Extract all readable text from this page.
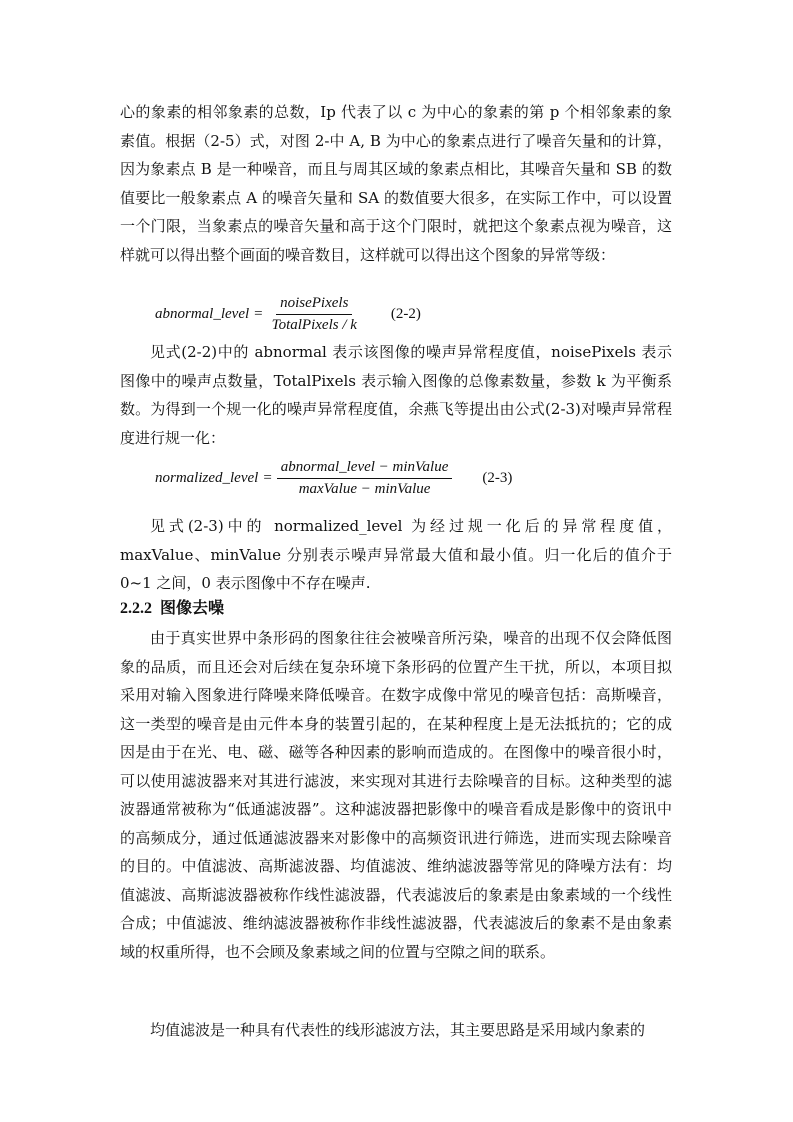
心的象素的相邻象素的总数，Ip 代表了以 c 为中心的象素的第 p 个相邻象素的象素值。根据（2-5）式，对图 2-中 A, B 为中心的象素点进行了噪音矢量和的计算，因为象素点 B 是一种噪音，而且与周其区域的象素点相比，其噪音矢量和 SB 的数值要比一般象素点 A 的噪音矢量和 SA 的数值要大很多，在实际工作中，可以设置一个门限，当象素点的噪音矢量和高于这个门限时，就把这个象素点视为噪音，这样就可以得出整个画面的噪音数目，这样就可以得出这个图象的异常等级：

abnormal_level = $\frac{\text{noisePixels}}{\text{TotalPixels / k}} (2-2)$

见式(2-2)中的 abnormal 表示该图像的噪声异常程度值，noisePixels 表示图像中的噪声点数量，TotalPixels 表示输入图像的总像素数量，参数 k 为平衡系数。为得到一个规一化的噪声异常程度值，余燕飞等提出由公式(2-3)对噪声异常程度进行规一化：

normalized_level = $\frac{\text{abnormal\_level − minValue}}{\text{maxValue − minValue}} (2-3)$

见式(2-3)中的 normalized_level 为经过规一化后的异常程度值，maxValue、minValue 分别表示噪声异常最大值和最小值。归一化后的值介于 0~1 之间，0 表示图像中不存在噪声.

2.2.2 图像去噪

由于真实世界中条形码的图象往往会被噪音所污染，噪音的出现不仅会降低图象的品质，而且还会对后续在复杂环境下条形码的位置产生干扰，所以，本项目拟采用对输入图象进行降噪来降低噪音。在数字成像中常见的噪音包括：高斯噪音，这一类型的噪音是由元件本身的装置引起的，在某种程度上是无法抵抗的；它的成因是由于在光、电、磁、磁等各种因素的影响而造成的。在图像中的噪音很小时，可以使用滤波器来对其进行滤波，来实现对其进行去除噪音的目标。这种类型的滤波器通常被称为“低通滤波器”。这种滤波器把影像中的噪音看成是影像中的资讯中的高频成分，通过低通滤波器来对影像中的高频资讯进行筛选，进而实现去除噪音的目的。中值滤波、高斯滤波器、均值滤波、维纳滤波器等常见的降噪方法有：均值滤波、高斯滤波器被称作线性滤波器，代表滤波后的象素是由象素域的一个线性合成；中值滤波、维纳滤波器被称作非线性滤波器，代表滤波后的象素不是由象素域的权重所得，也不会顾及象素域之间的位置与空隙之间的联系。

均值滤波是一种具有代表性的线形滤波方法，其主要思路是采用域内象素的
